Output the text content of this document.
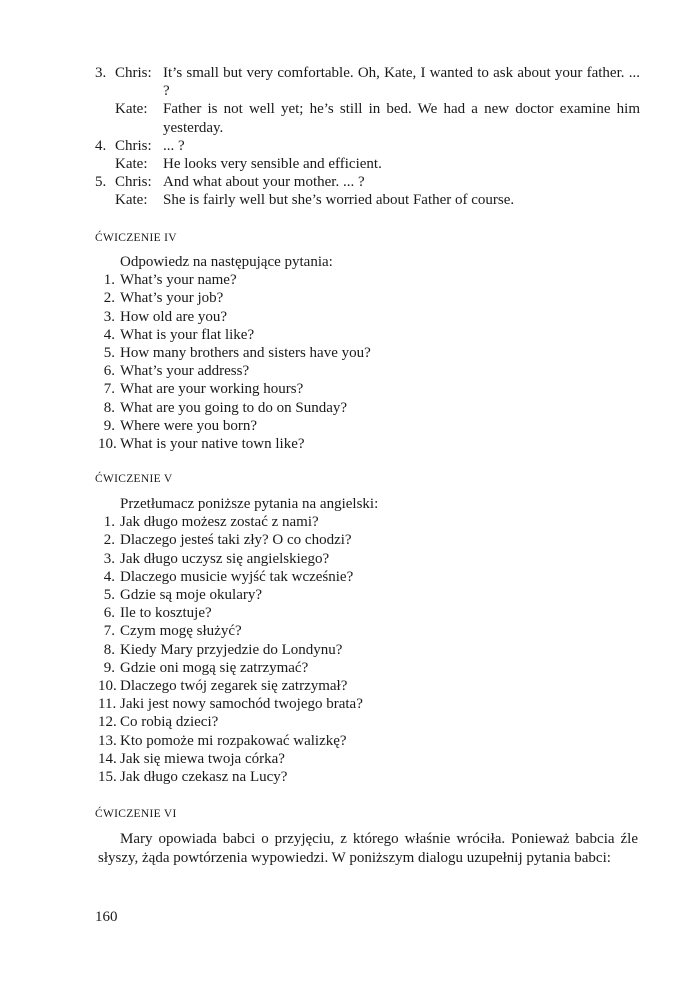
3. Chris: It’s small but very comfortable. Oh, Kate, I wanted to ask about your father. ... ?
Kate:	Father is not well yet; he’s still in bed. We had a new doctor examine him yesterday.
4. Chris: ... ?
Kate:	He looks very sensible and efficient.
5. Chris: And what about your mother. ... ?
Kate:	She is fairly well but she’s worried about Father of course.
ĆWICZENIE IV
Odpowiedz na następujące pytania:
1. What’s your name?
2. What’s your job?
3. How old are you?
4. What is your flat like?
5. How many brothers and sisters have you?
6. What’s your address?
7. What are your working hours?
8. What are you going to do on Sunday?
9. Where were you born?
10. What is your native town like?
ĆWICZENIE V
Przetłumacz poniższe pytania na angielski:
1. Jak długo możesz zostać z nami?
2. Dlaczego jesteś taki zły? O co chodzi?
3. Jak długo uczysz się angielskiego?
4. Dlaczego musicie wyjść tak wcześnie?
5. Gdzie są moje okulary?
6. Ile to kosztuje?
7. Czym mogę służyć?
8. Kiedy Mary przyjedzie do Londynu?
9. Gdzie oni mogą się zatrzymać?
10. Dlaczego twój zegarek się zatrzymał?
11. Jaki jest nowy samochód twojego brata?
12. Co robią dzieci?
13. Kto pomoże mi rozpakować walizkę?
14. Jak się miewa twoja córka?
15. Jak długo czekasz na Lucy?
ĆWICZENIE VI
Mary opowiada babci o przyjęciu, z którego właśnie wróciła. Ponieważ babcia źle słyszy, żąda powtórzenia wypowiedzi. W poniższym dialogu uzupełnij pytania babci:
160
